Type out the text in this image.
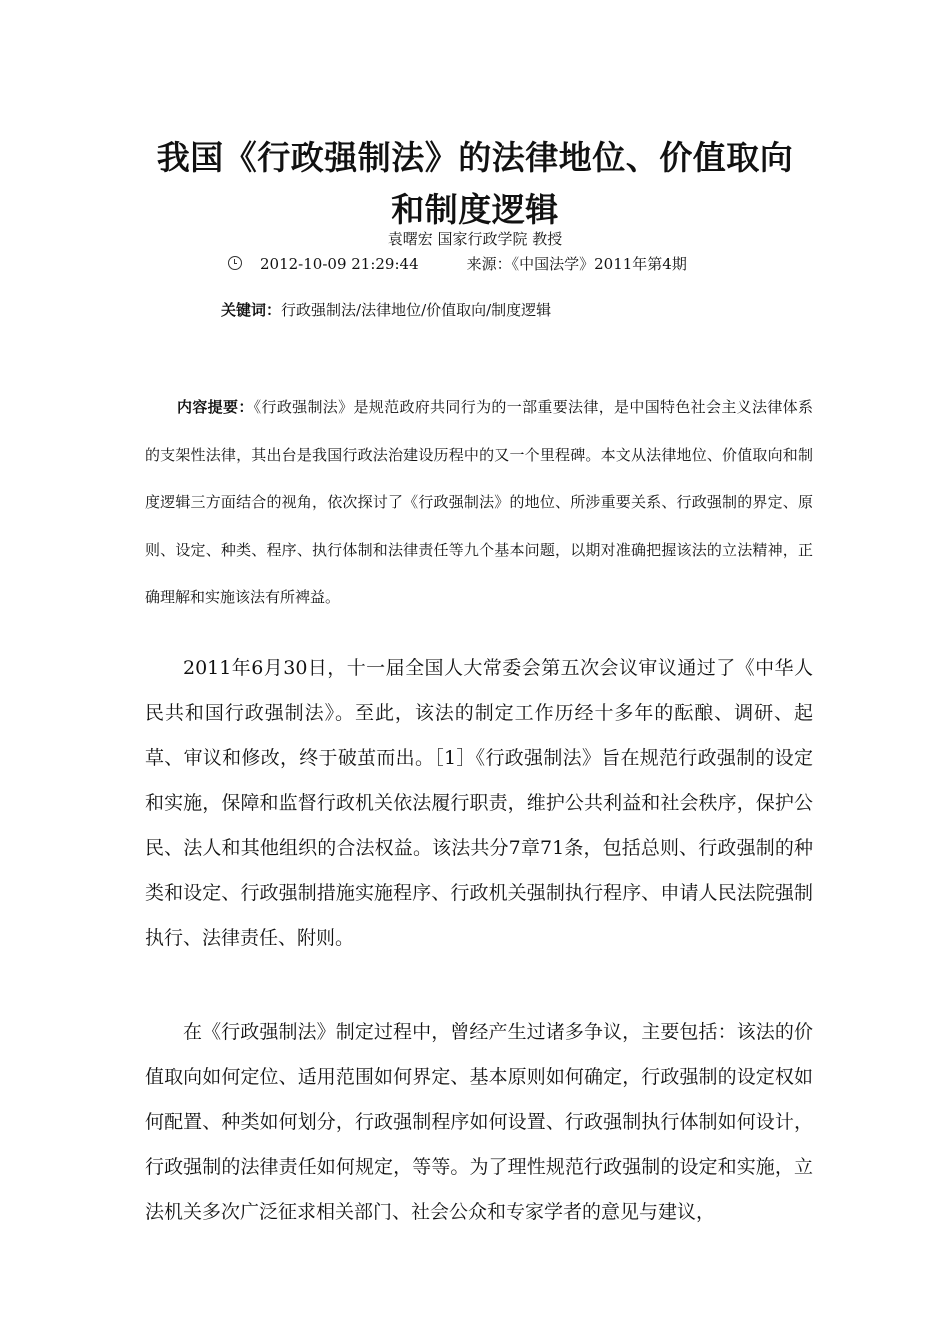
我国《行政强制法》的法律地位、价值取向
和制度逻辑
袁曙宏 国家行政学院 教授
2012-10-09 21:29:44	来源：《中国法学》2011年第4期
关键词：行政强制法/法律地位/价值取向/制度逻辑
内容提要：《行政强制法》是规范政府共同行为的一部重要法律，是中国特色社会主义法律体系的支架性法律，其出台是我国行政法治建设历程中的又一个里程碑。本文从法律地位、价值取向和制度逻辑三方面结合的视角，依次探讨了《行政强制法》的地位、所涉重要关系、行政强制的界定、原则、设定、种类、程序、执行体制和法律责任等九个基本问题，以期对准确把握该法的立法精神，正确理解和实施该法有所裨益。

2011年6月30日，十一届全国人大常委会第五次会议审议通过了《中华人民共和国行政强制法》。至此，该法的制定工作历经十多年的酝酿、调研、起草、审议和修改，终于破茧而出。［1］《行政强制法》旨在规范行政强制的设定和实施，保障和监督行政机关依法履行职责，维护公共利益和社会秩序，保护公民、法人和其他组织的合法权益。该法共分7章71条，包括总则、行政强制的种类和设定、行政强制措施实施程序、行政机关强制执行程序、申请人民法院强制执行、法律责任、附则。

在《行政强制法》制定过程中，曾经产生过诸多争议，主要包括：该法的价值取向如何定位、适用范围如何界定、基本原则如何确定，行政强制的设定权如何配置、种类如何划分，行政强制程序如何设置、行政强制执行体制如何设计，行政强制的法律责任如何规定，等等。为了理性规范行政强制的设定和实施，立法机关多次广泛征求相关部门、社会公众和专家学者的意见与建议，
